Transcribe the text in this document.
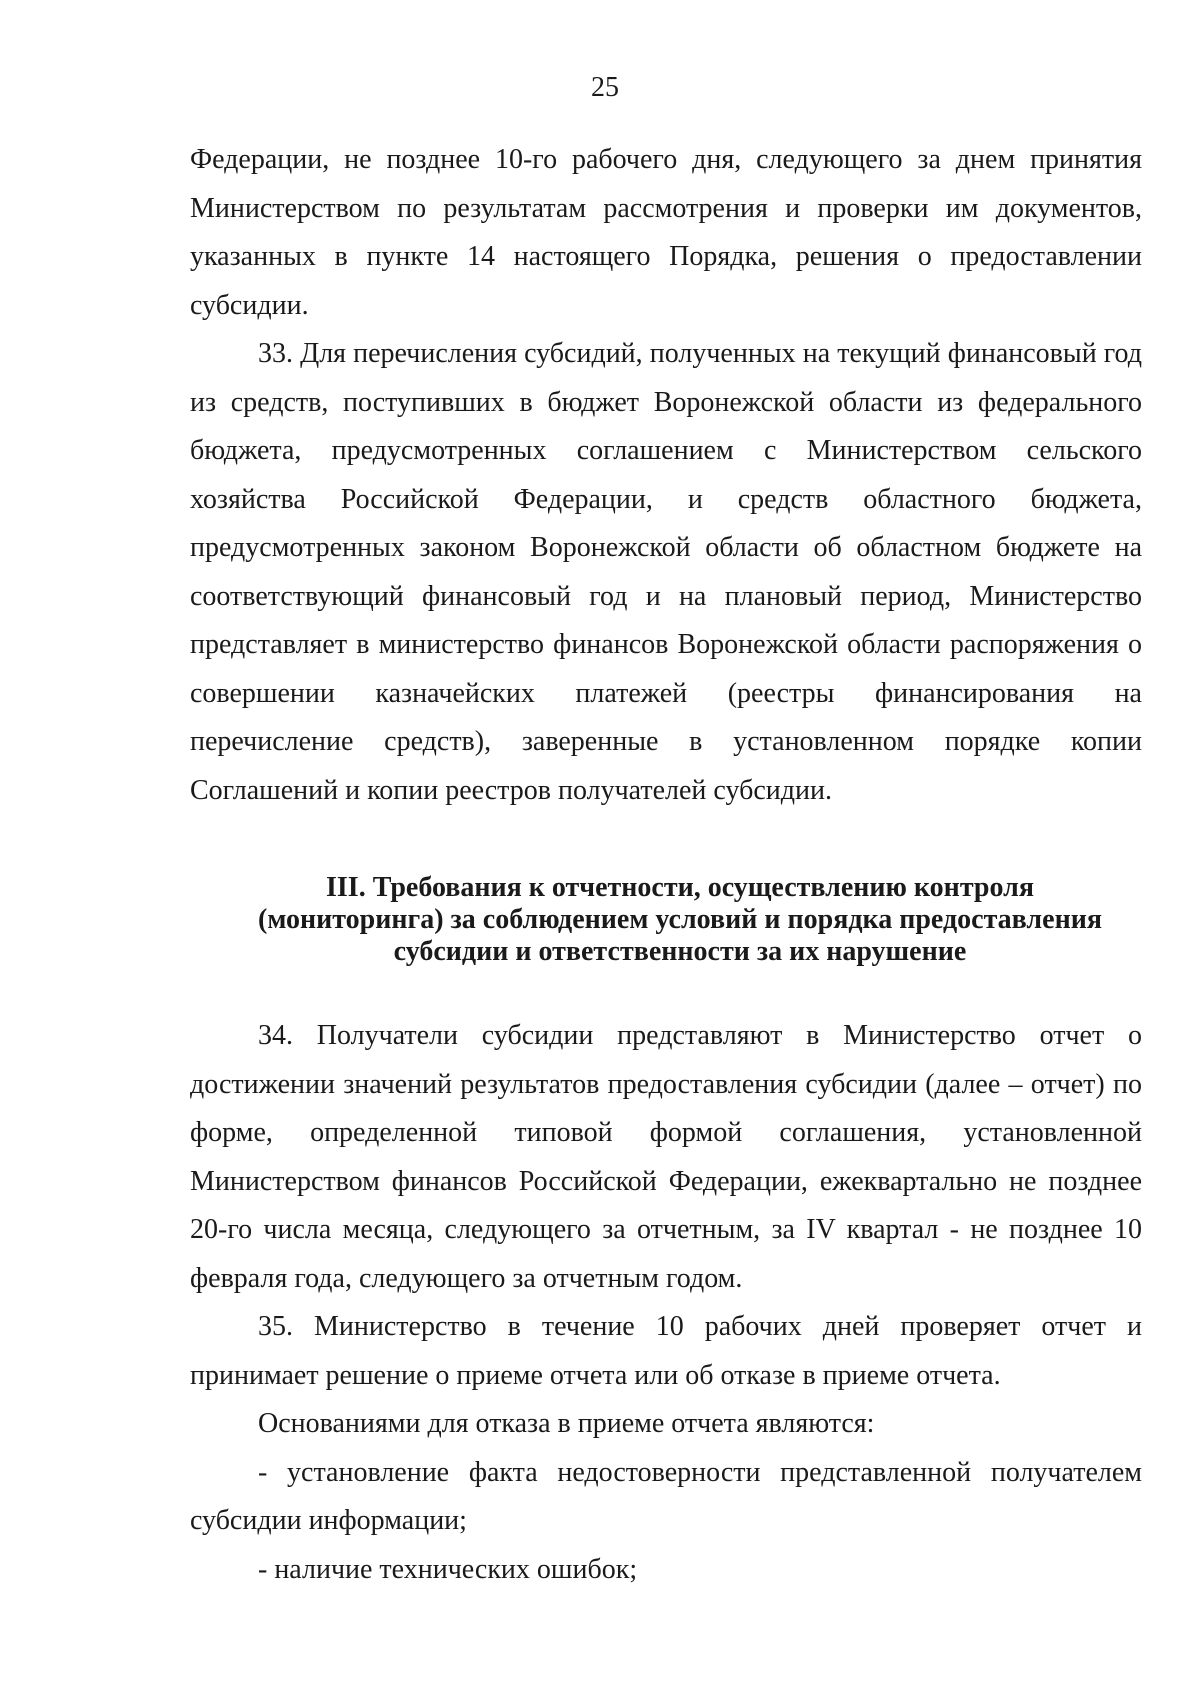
25

Федерации, не позднее 10-го рабочего дня, следующего за днем принятия Министерством по результатам рассмотрения и проверки им документов, указанных в пункте 14 настоящего Порядка, решения о предоставлении субсидии.

33. Для перечисления субсидий, полученных на текущий финансовый год из средств, поступивших в бюджет Воронежской области из федерального бюджета, предусмотренных соглашением с Министерством сельского хозяйства Российской Федерации, и средств областного бюджета, предусмотренных законом Воронежской области об областном бюджете на соответствующий финансовый год и на плановый период, Министерство представляет в министерство финансов Воронежской области распоряжения о совершении казначейских платежей (реестры финансирования на перечисление средств), заверенные в установленном порядке копии Соглашений и копии реестров получателей субсидии.

III. Требования к отчетности, осуществлению контроля
(мониторинга) за соблюдением условий и порядка предоставления
субсидии и ответственности за их нарушение

34. Получатели субсидии представляют в Министерство отчет о достижении значений результатов предоставления субсидии (далее – отчет) по форме, определенной типовой формой соглашения, установленной Министерством финансов Российской Федерации, ежеквартально не позднее 20-го числа месяца, следующего за отчетным, за IV квартал - не позднее 10 февраля года, следующего за отчетным годом.

35. Министерство в течение 10 рабочих дней проверяет отчет и принимает решение о приеме отчета или об отказе в приеме отчета.

Основаниями для отказа в приеме отчета являются:

- установление факта недостоверности представленной получателем субсидии информации;

- наличие технических ошибок;
